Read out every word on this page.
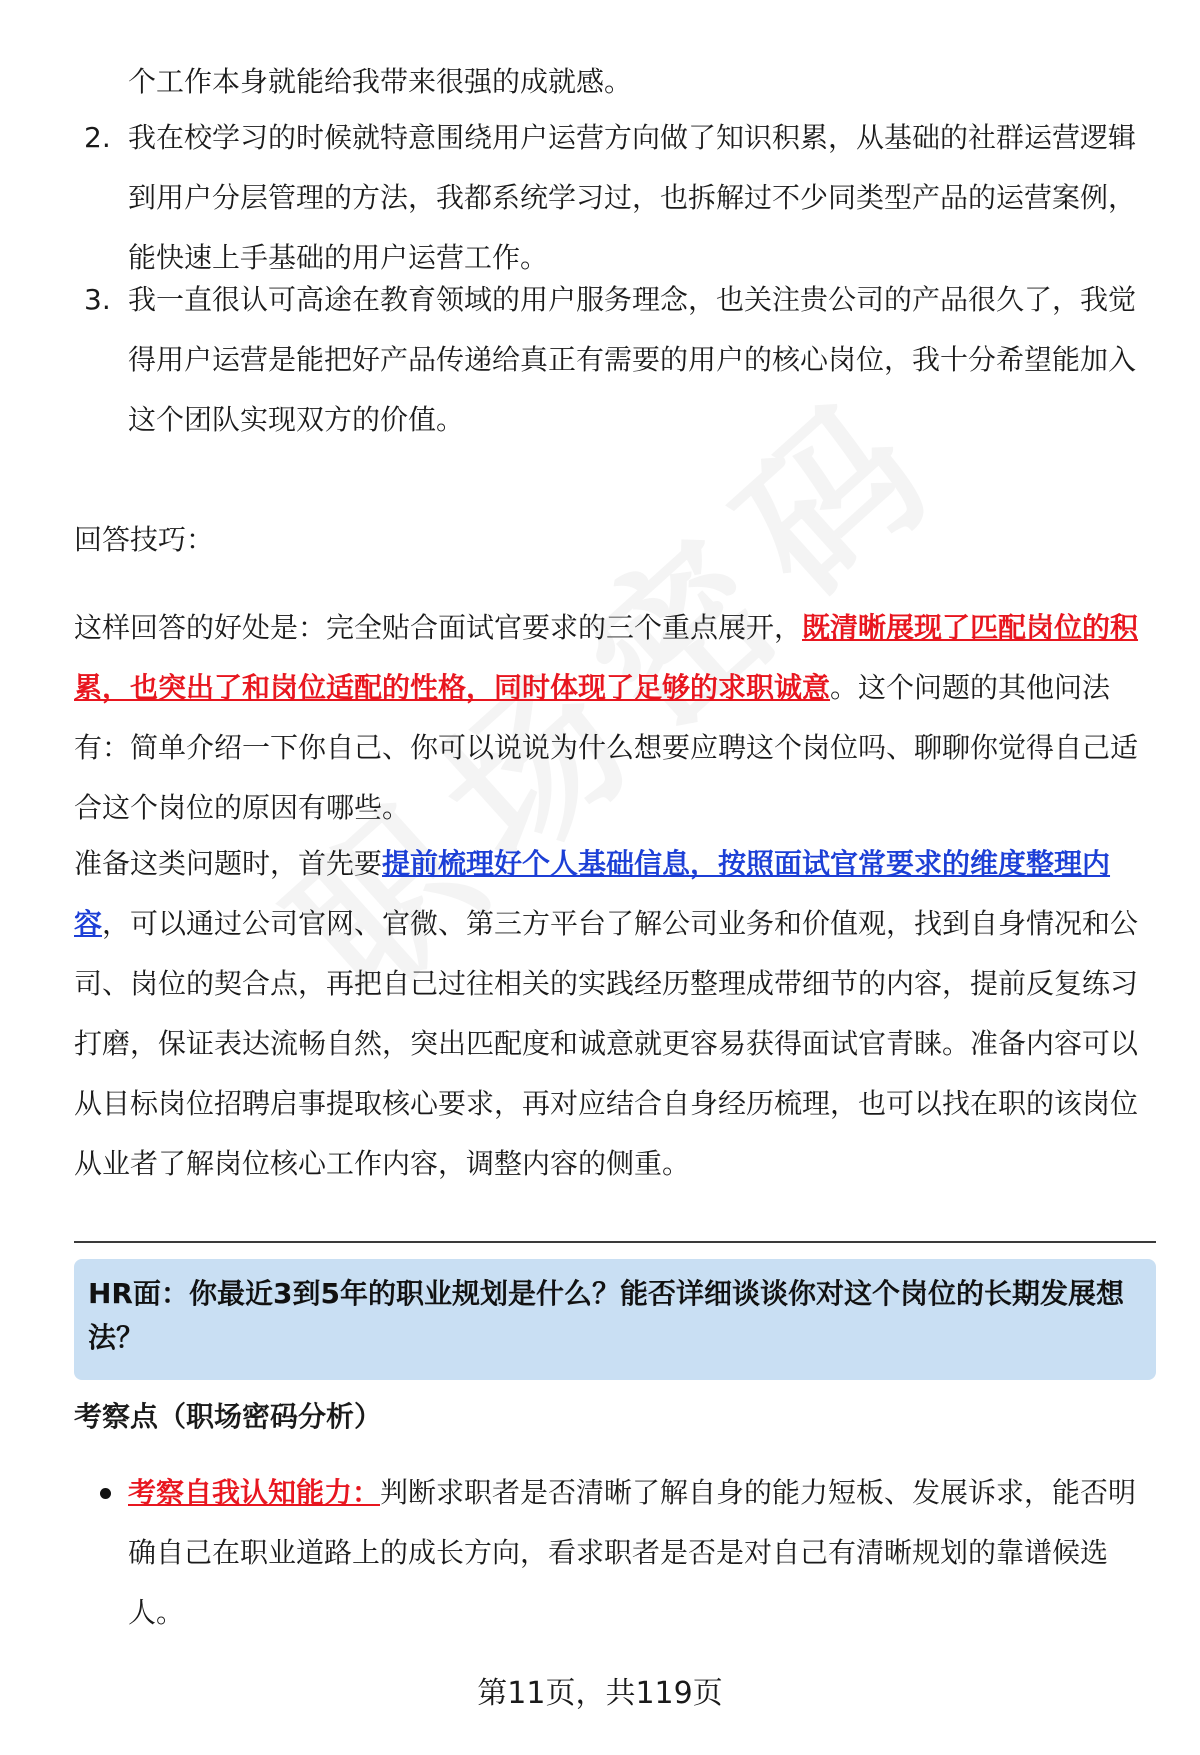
个工作本身就能给我带来很强的成就感。

2. 我在校学习的时候就特意围绕用户运营方向做了知识积累，从基础的社群运营逻辑到用户分层管理的方法，我都系统学习过，也拆解过不少同类型产品的运营案例，能快速上手基础的用户运营工作。
3. 我一直很认可高途在教育领域的用户服务理念，也关注贵公司的产品很久了，我觉得用户运营是能把好产品传递给真正有需要的用户的核心岗位，我十分希望能加入这个团队实现双方的价值。

回答技巧：

这样回答的好处是：完全贴合面试官要求的三个重点展开，既清晰展现了匹配岗位的积累，也突出了和岗位适配的性格，同时体现了足够的求职诚意。这个问题的其他问法有：简单介绍一下你自己、你可以说说为什么想要应聘这个岗位吗、聊聊你觉得自己适合这个岗位的原因有哪些。

准备这类问题时，首先要提前梳理好个人基础信息，按照面试官常要求的维度整理内容，可以通过公司官网、官微、第三方平台了解公司业务和价值观，找到自身情况和公司、岗位的契合点，再把自己过往相关的实践经历整理成带细节的内容，提前反复练习打磨，保证表达流畅自然，突出匹配度和诚意就更容易获得面试官青睐。准备内容可以从目标岗位招聘启事提取核心要求，再对应结合自身经历梳理，也可以找在职的该岗位从业者了解岗位核心工作内容，调整内容的侧重。

HR面：你最近3到5年的职业规划是什么？能否详细谈谈你对这个岗位的长期发展想法？

考察点（职场密码分析）

考察自我认知能力：判断求职者是否清晰了解自身的能力短板、发展诉求，能否明确自己在职业道路上的成长方向，看求职者是否是对自己有清晰规划的靠谱候选人。
第11页，共119页
